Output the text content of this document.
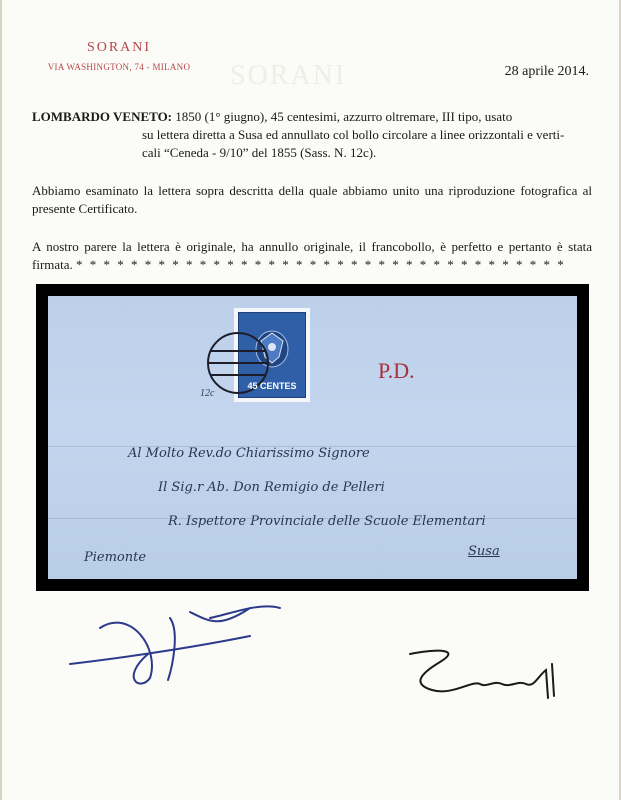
SORANI
VIA WASHINGTON, 74 - MILANO	SORANI	28 aprile 2014.
LOMBARDO VENETO: 1850 (1° giugno), 45 centesimi, azzurro oltremare, III tipo, usato
su lettera diretta a Susa ed annullato col bollo circolare a linee orizzontali e verti-
cali “Ceneda - 9/10” del 1855 (Sass. N. 12c).
Abbiamo esaminato la lettera sopra descritta della quale abbiamo unito una riproduzione fotografica al presente Certificato.
A nostro parere la lettera è originale, ha annullo originale, il francobollo, è perfetto e pertanto è stata firmata. * * * * * * * * * * * * * * * * * * * * * * * * * * * * * * * * * * * *
45 CENTES
P.D.
12c
Al Molto Rev.do Chiarissimo Signore
Il Sig.r Ab. Don Remigio de Pelleri
R. Ispettore Provinciale delle Scuole Elementari
Piemonte	Susa
